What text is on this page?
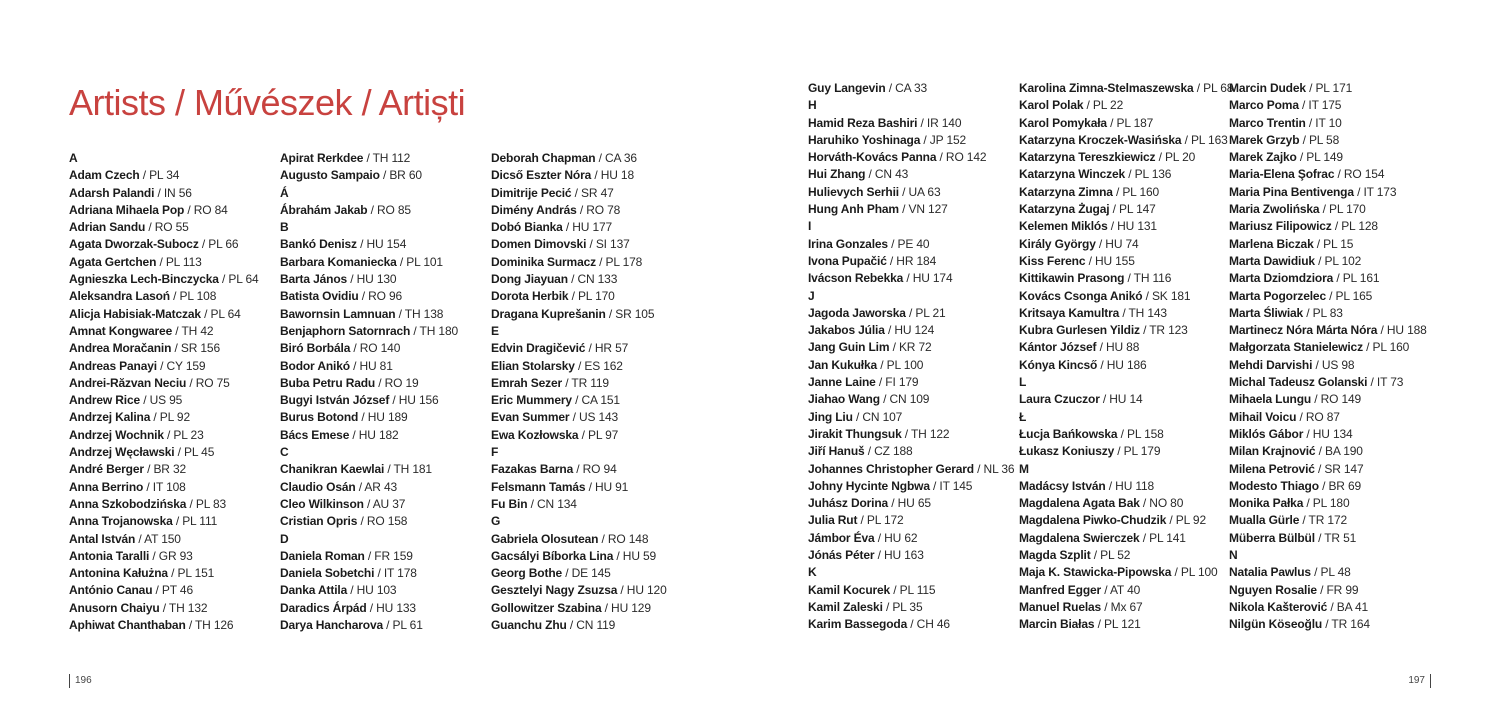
Artists / Művészek / Artiști
A
Adam Czech / PL 34
Adarsh Palandi / IN 56
Adriana Mihaela Pop / RO 84
Adrian Sandu / RO 55
Agata Dworzak-Subocz / PL 66
Agata Gertchen / PL 113
Agnieszka Lech-Binczycka / PL 64
Aleksandra Lasoń / PL 108
Alicja Habisiak-Matczak / PL 64
Amnat Kongwaree / TH 42
Andrea Moračanin / SR 156
Andreas Panayi / CY 159
Andrei-Răzvan Neciu / RO 75
Andrew Rice / US 95
Andrzej Kalina / PL 92
Andrzej Wochnik / PL 23
Andrzej Węcławski / PL 45
André Berger / BR 32
Anna Berrino / IT 108
Anna Szkobodzińska / PL 83
Anna Trojanowska / PL 111
Antal István / AT 150
Antonia Taralli / GR 93
Antonina Kałużna / PL 151
António Canau / PT 46
Anusorn Chaiyu / TH 132
Aphiwat Chanthaban / TH 126
Apirat Rerkdee / TH 112
Augusto Sampaio / BR 60
Á
Ábrahám Jakab / RO 85
B
Bankó Denisz / HU 154
Barbara Komaniecka / PL 101
Barta János / HU 130
Batista Ovidiu / RO 96
Bawornsin Lamnuan / TH 138
Benjaphorn Satornrach / TH 180
Biró Borbála / RO 140
Bodor Anikó / HU 81
Buba Petru Radu / RO 19
Bugyi István József / HU 156
Burus Botond / HU 189
Bács Emese / HU 182
C
Chanikran Kaewlai / TH 181
Claudio Osán / AR 43
Cleo Wilkinson / AU 37
Cristian Opris / RO 158
D
Daniela Roman / FR 159
Daniela Sobetchi / IT 178
Danka Attila / HU 103
Daradics Árpád / HU 133
Darya Hancharova / PL 61
Deborah Chapman / CA 36
Dicső Eszter Nóra / HU 18
Dimitrije Pecić / SR 47
Dimény András / RO 78
Dobó Bianka / HU 177
Domen Dimovski / SI 137
Dominika Surmacz / PL 178
Dong Jiayuan / CN 133
Dorota Herbik / PL 170
Dragana Kuprešanin / SR 105
E
Edvin Dragičević / HR 57
Elian Stolarsky / ES 162
Emrah Sezer / TR 119
Eric Mummery / CA 151
Evan Summer / US 143
Ewa Kozłowska / PL 97
F
Fazakas Barna / RO 94
Felsmann Tamás / HU 91
Fu Bin / CN 134
G
Gabriela Olosutean / RO 148
Gacsályi Bíborka Lina / HU 59
Georg Bothe / DE 145
Gesztelyi Nagy Zsuzsa / HU 120
Gollowitzer Szabina / HU 129
Guanchu Zhu / CN 119
196
Guy Langevin / CA 33
H
Hamid Reza Bashiri / IR 140
Haruhiko Yoshinaga / JP 152
Horváth-Kovács Panna / RO 142
Hui Zhang / CN 43
Hulievych Serhii / UA 63
Hung Anh Pham / VN 127
I
Irina Gonzales / PE 40
Ivona Pupačić / HR 184
Ivácson Rebekka / HU 174
J
Jagoda Jaworska / PL 21
Jakabos Júlia / HU 124
Jang Guin Lim / KR 72
Jan Kukułka / PL 100
Janne Laine / FI 179
Jiahao Wang / CN 109
Jing Liu / CN 107
Jirakit Thungsuk / TH 122
Jiří Hanuš / CZ 188
Johannes Christopher Gerard / NL 36
Johny Hycinte Ngbwa / IT 145
Juhász Dorina / HU 65
Julia Rut / PL 172
Jámbor Éva / HU 62
Jónás Péter / HU 163
K
Kamil Kocurek / PL 115
Kamil Zaleski / PL 35
Karim Bassegoda / CH 46
Karolina Zimna-Stelmaszewska / PL 68
Karol Polak / PL 22
Karol Pomykała / PL 187
Katarzyna Kroczek-Wasińska / PL 163
Katarzyna Tereszkiewicz / PL 20
Katarzyna Winczek / PL 136
Katarzyna Zimna / PL 160
Katarzyna Żugaj / PL 147
Kelemen Miklós / HU 131
Király György / HU 74
Kiss Ferenc / HU 155
Kittikawin Prasong / TH 116
Kovács Csonga Anikó / SK 181
Kritsaya Kamultra / TH 143
Kubra Gurlesen Yildiz / TR 123
Kántor József / HU 88
Kónya Kincső / HU 186
L
Laura Czuczor / HU 14
Ł
Łucja Bańkowska / PL 158
Łukasz Koniuszy / PL 179
M
Madácsy István / HU 118
Magdalena Agata Bak / NO 80
Magdalena Piwko-Chudzik / PL 92
Magdalena Swierczek / PL 141
Magda Szplit / PL 52
Maja K. Stawicka-Pipowska / PL 100
Manfred Egger / AT 40
Manuel Ruelas / Mx 67
Marcin Białas / PL 121
Marcin Dudek / PL 171
Marco Poma / IT 175
Marco Trentin / IT 10
Marek Grzyb / PL 58
Marek Zajko / PL 149
Maria-Elena Şofrac / RO 154
Maria Pina Bentivenga / IT 173
Maria Zwolińska / PL 170
Mariusz Filipowicz / PL 128
Marlena Biczak / PL 15
Marta Dawidiuk / PL 102
Marta Dziomdziora / PL 161
Marta Pogorzelec / PL 165
Marta Śliwiak / PL 83
Martinecz Nóra Márta Nóra / HU 188
Małgorzata Stanielewicz / PL 160
Mehdi Darvishi / US 98
Michal Tadeusz Golanski / IT 73
Mihaela Lungu / RO 149
Mihail Voicu / RO 87
Miklós Gábor / HU 134
Milan Krajnović / BA 190
Milena Petrović / SR 147
Modesto Thiago / BR 69
Monika Pałka / PL 180
Mualla Gürle / TR 172
Müberra Bülbül / TR 51
N
Natalia Pawlus / PL 48
Nguyen Rosalie / FR 99
Nikola Kašterović / BA 41
Nilgün Köseoğlu / TR 164
197
